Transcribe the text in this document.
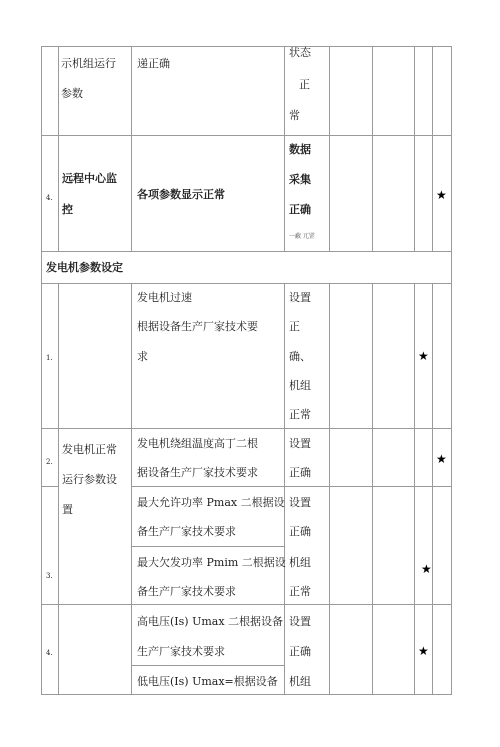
示机组运行
参数
递正确
状态
正
常
4.
远程中心监
控
各项参数显示正常
数据
采集
正确
一蔽 兀罡
★
发电机参数设定
1.
发电机过速
根据设备生产厂家技术要
求
设置
正
确、
机组
正常
★
发电机正常
运行参数设
置
2.
发电机绕组温度高丁二根
据设备生产厂家技术要求
设置
正确
★
3.
最大允许功率 Pmax 二根据设
备生产厂家技术要求
最大欠发功率 Pmim 二根据设
备生产厂家技术要求
设置
正确
机组
正常
★
4.
高电压(Is) Umax 二根据设备
生产厂家技术要求
低电压(Is) Umax=根据设备
设置
正确
机组
★
